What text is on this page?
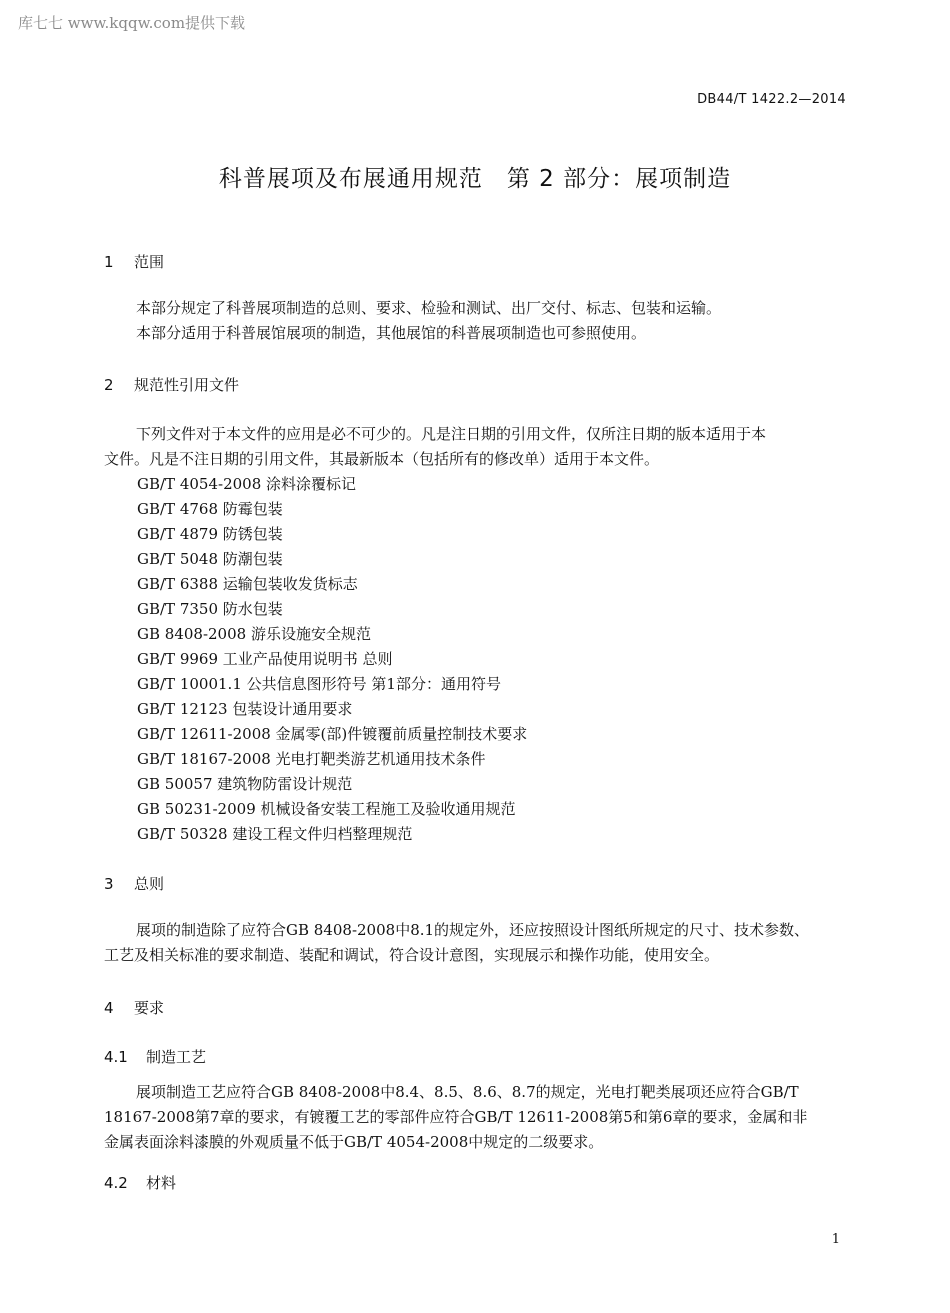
库七七 www.kqqw.com提供下载
DB44/T 1422.2—2014
科普展项及布展通用规范　第 2 部分：展项制造
1 范围
本部分规定了科普展项制造的总则、要求、检验和测试、出厂交付、标志、包装和运输。
本部分适用于科普展馆展项的制造，其他展馆的科普展项制造也可参照使用。
2 规范性引用文件
下列文件对于本文件的应用是必不可少的。凡是注日期的引用文件，仅所注日期的版本适用于本
文件。凡是不注日期的引用文件，其最新版本（包括所有的修改单）适用于本文件。
GB/T 4054-2008 涂料涂覆标记
GB/T 4768 防霉包装
GB/T 4879 防锈包装
GB/T 5048 防潮包装
GB/T 6388 运输包装收发货标志
GB/T 7350 防水包装
GB 8408-2008 游乐设施安全规范
GB/T 9969 工业产品使用说明书 总则
GB/T 10001.1 公共信息图形符号 第1部分：通用符号
GB/T 12123 包装设计通用要求
GB/T 12611-2008 金属零(部)件镀覆前质量控制技术要求
GB/T 18167-2008 光电打靶类游艺机通用技术条件
GB 50057 建筑物防雷设计规范
GB 50231-2009 机械设备安装工程施工及验收通用规范
GB/T 50328 建设工程文件归档整理规范
3 总则
展项的制造除了应符合GB 8408-2008中8.1的规定外，还应按照设计图纸所规定的尺寸、技术参数、
工艺及相关标准的要求制造、装配和调试，符合设计意图，实现展示和操作功能，使用安全。
4 要求
4.1 制造工艺
展项制造工艺应符合GB 8408-2008中8.4、8.5、8.6、8.7的规定，光电打靶类展项还应符合GB/T
18167-2008第7章的要求，有镀覆工艺的零部件应符合GB/T 12611-2008第5和第6章的要求，金属和非
金属表面涂料漆膜的外观质量不低于GB/T 4054-2008中规定的二级要求。
4.2 材料
1
